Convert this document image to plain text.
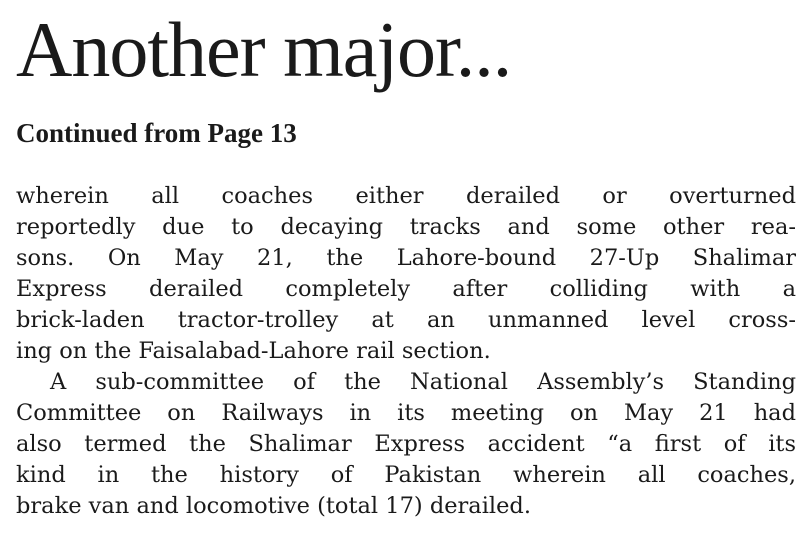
Another major...
Continued from Page 13
wherein all coaches either derailed or overturned
reportedly due to decaying tracks and some other rea-
sons. On May 21, the Lahore-bound 27-Up Shalimar
Express derailed completely after colliding with a
brick-laden tractor-trolley at an unmanned level cross-
ing on the Faisalabad-Lahore rail section.
A sub-committee of the National Assembly’s Standing
Committee on Railways in its meeting on May 21 had
also termed the Shalimar Express accident “a first of its
kind in the history of Pakistan wherein all coaches,
brake van and locomotive (total 17) derailed.
